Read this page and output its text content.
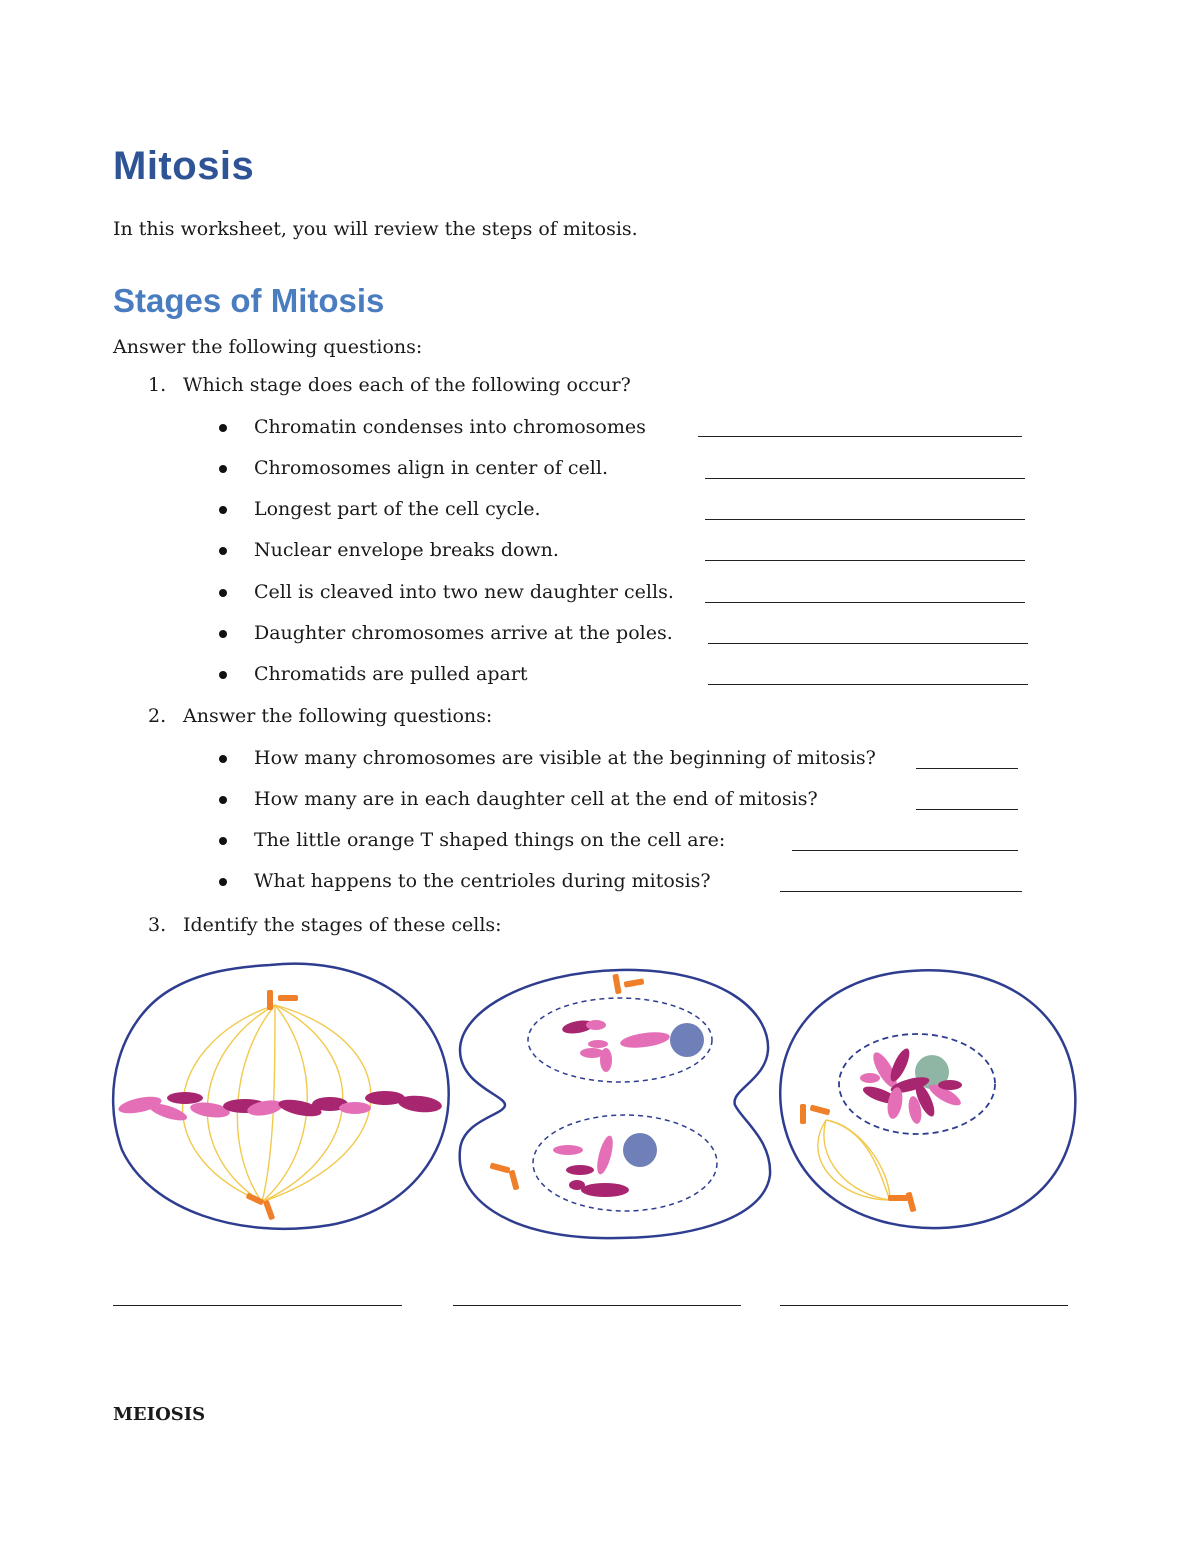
Mitosis
In this worksheet, you will review the steps of mitosis.
Stages of Mitosis
Answer the following questions:
1. Which stage does each of the following occur?
Chromatin condenses into chromosomes
Chromosomes align in center of cell.
Longest part of the cell cycle.
Nuclear envelope breaks down.
Cell is cleaved into two new daughter cells.
Daughter chromosomes arrive at the poles.
Chromatids are pulled apart
2. Answer the following questions:
How many chromosomes are visible at the beginning of mitosis?
How many are in each daughter cell at the end of mitosis?
The little orange T shaped things on the cell are:
What happens to the centrioles during mitosis?
3. Identify the stages of these cells:
MEIOSIS
